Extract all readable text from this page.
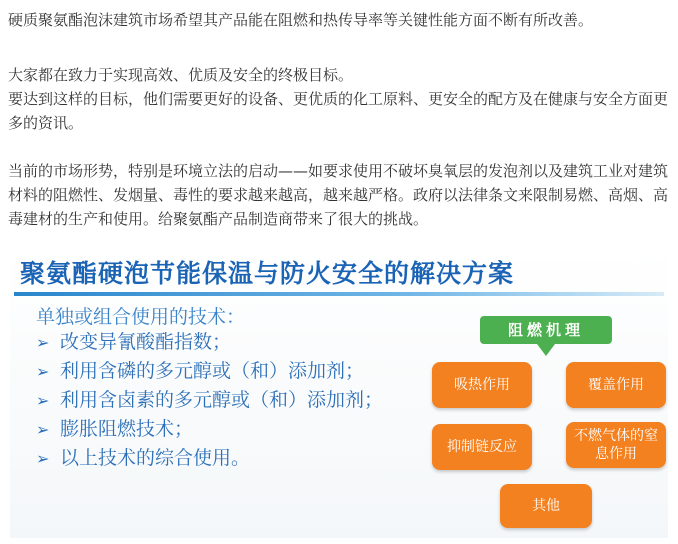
硬质聚氨酯泡沫建筑市场希望其产品能在阻燃和热传导率等关键性能方面不断有所改善。

大家都在致力于实现高效、优质及安全的终极目标。

要达到这样的目标，他们需要更好的设备、更优质的化工原料、更安全的配方及在健康与安全方面更多的资讯。

当前的市场形势，特别是环境立法的启动——如要求使用不破坏臭氧层的发泡剂以及建筑工业对建筑材料的阻燃性、发烟量、毒性的要求越来越高，越来越严格。政府以法律条文来限制易燃、高烟、高毒建材的生产和使用。给聚氨酯产品制造商带来了很大的挑战。

聚氨酯硬泡节能保温与防火安全的解决方案
单独或组合使用的技术：
➢ 改变异氰酸酯指数；
➢ 利用含磷的多元醇或（和）添加剂；
➢ 利用含卤素的多元醇或（和）添加剂；
➢ 膨胀阻燃技术；
➢ 以上技术的综合使用。
阻燃机理
吸热作用	覆盖作用
抑制链反应
不燃气体的窒息作用
其他
